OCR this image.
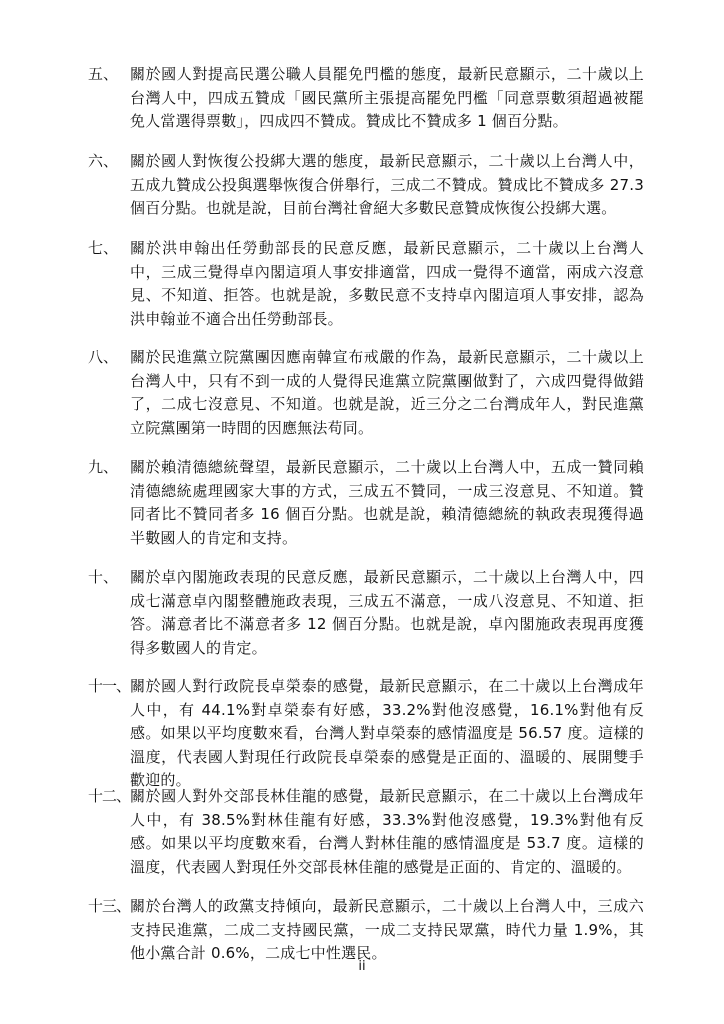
五、 關於國人對提高民選公職人員罷免門檻的態度，最新民意顯示，二十歲以上台灣人中，四成五贊成「國民黨所主張提高罷免門檻「同意票數須超過被罷免人當選得票數」，四成四不贊成。贊成比不贊成多 1 個百分點。
六、 關於國人對恢復公投綁大選的態度，最新民意顯示，二十歲以上台灣人中，五成九贊成公投與選舉恢復合併舉行，三成二不贊成。贊成比不贊成多 27.3 個百分點。也就是說，目前台灣社會絕大多數民意贊成恢復公投綁大選。
七、 關於洪申翰出任勞動部長的民意反應，最新民意顯示，二十歲以上台灣人中，三成三覺得卓內閣這項人事安排適當，四成一覺得不適當，兩成六沒意見、不知道、拒答。也就是說，多數民意不支持卓內閣這項人事安排，認為洪申翰並不適合出任勞動部長。
八、 關於民進黨立院黨團因應南韓宣布戒嚴的作為，最新民意顯示，二十歲以上台灣人中，只有不到一成的人覺得民進黨立院黨團做對了，六成四覺得做錯了，二成七沒意見、不知道。也就是說，近三分之二台灣成年人，對民進黨立院黨團第一時間的因應無法苟同。
九、 關於賴清德總統聲望，最新民意顯示，二十歲以上台灣人中，五成一贊同賴清德總統處理國家大事的方式，三成五不贊同，一成三沒意見、不知道。贊同者比不贊同者多 16 個百分點。也就是說，賴清德總統的執政表現獲得過半數國人的肯定和支持。
十、 關於卓內閣施政表現的民意反應，最新民意顯示，二十歲以上台灣人中，四成七滿意卓內閣整體施政表現，三成五不滿意，一成八沒意見、不知道、拒答。滿意者比不滿意者多 12 個百分點。也就是說，卓內閣施政表現再度獲得多數國人的肯定。
十一、 關於國人對行政院長卓榮泰的感覺，最新民意顯示，在二十歲以上台灣成年人中，有 44.1%對卓榮泰有好感，33.2%對他沒感覺，16.1%對他有反感。如果以平均度數來看，台灣人對卓榮泰的感情溫度是 56.57 度。這樣的溫度，代表國人對現任行政院長卓榮泰的感覺是正面的、溫暖的、展開雙手歡迎的。
十二、 關於國人對外交部長林佳龍的感覺，最新民意顯示，在二十歲以上台灣成年人中，有 38.5%對林佳龍有好感，33.3%對他沒感覺，19.3%對他有反感。如果以平均度數來看，台灣人對林佳龍的感情溫度是 53.7 度。這樣的溫度，代表國人對現任外交部長林佳龍的感覺是正面的、肯定的、溫暖的。
十三、 關於台灣人的政黨支持傾向，最新民意顯示，二十歲以上台灣人中，三成六支持民進黨，二成二支持國民黨，一成二支持民眾黨，時代力量 1.9%，其他小黨合計 0.6%，二成七中性選民。
ii
